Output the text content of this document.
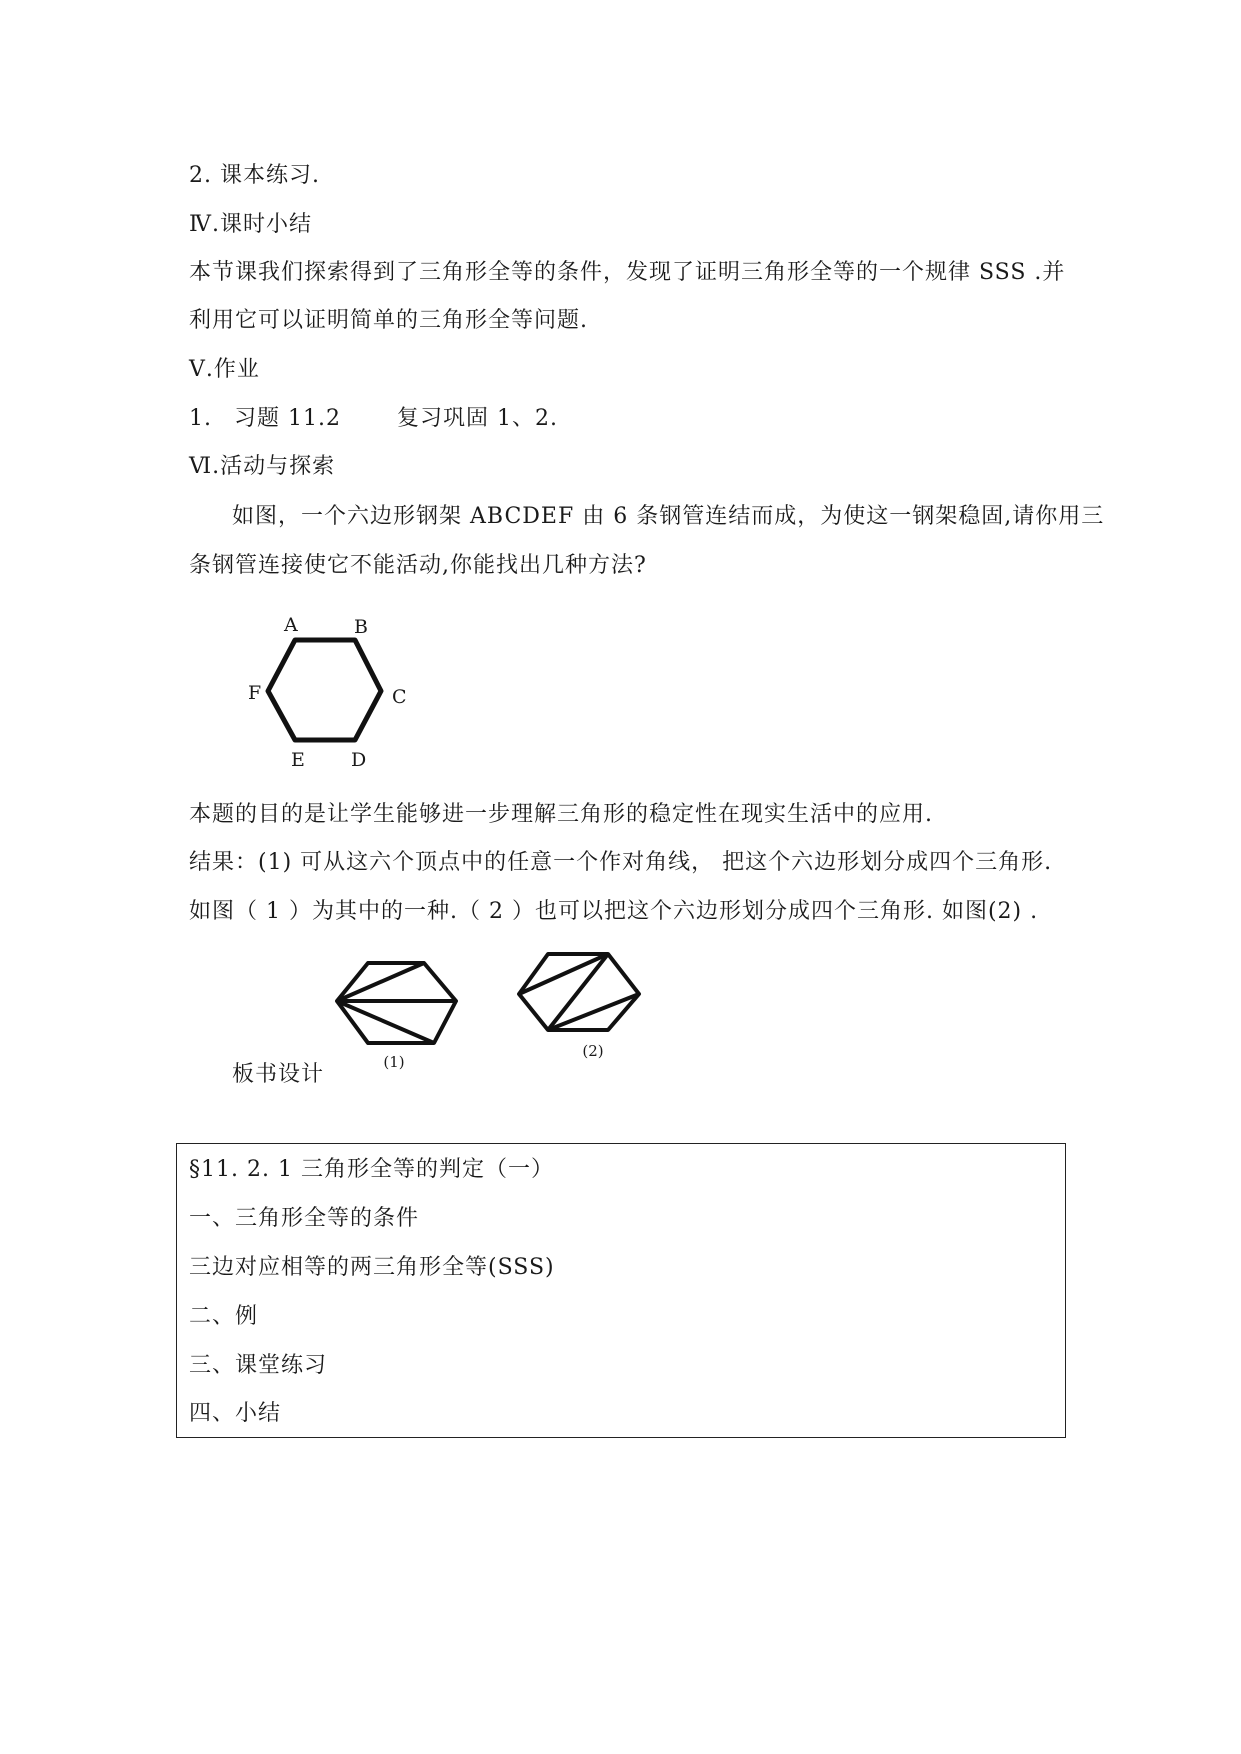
2. 课本练习.
Ⅳ.课时小结
本节课我们探索得到了三角形全等的条件，发现了证明三角形全等的一个规律 SSS .并
利用它可以证明简单的三角形全等问题.
Ⅴ.作业
1. 习题 11.2	复习巩固 1、2.
Ⅵ.活动与探索
如图，一个六边形钢架 ABCDEF 由 6 条钢管连结而成，为使这一钢架稳固,请你用三
条钢管连接使它不能活动,你能找出几种方法?
A	B
C
D
E
F
本题的目的是让学生能够进一步理解三角形的稳定性在现实生活中的应用.
结果：(1) 可从这六个顶点中的任意一个作对角线， 把这个六边形划分成四个三角形.
如图（ 1 ）为其中的一种.（ 2 ）也可以把这个六边形划分成四个三角形. 如图(2) .
(1)
(2)
板书设计
§11. 2. 1 三角形全等的判定（一）
一、三角形全等的条件
三边对应相等的两三角形全等(SSS)
二、例
三、课堂练习
四、小结
